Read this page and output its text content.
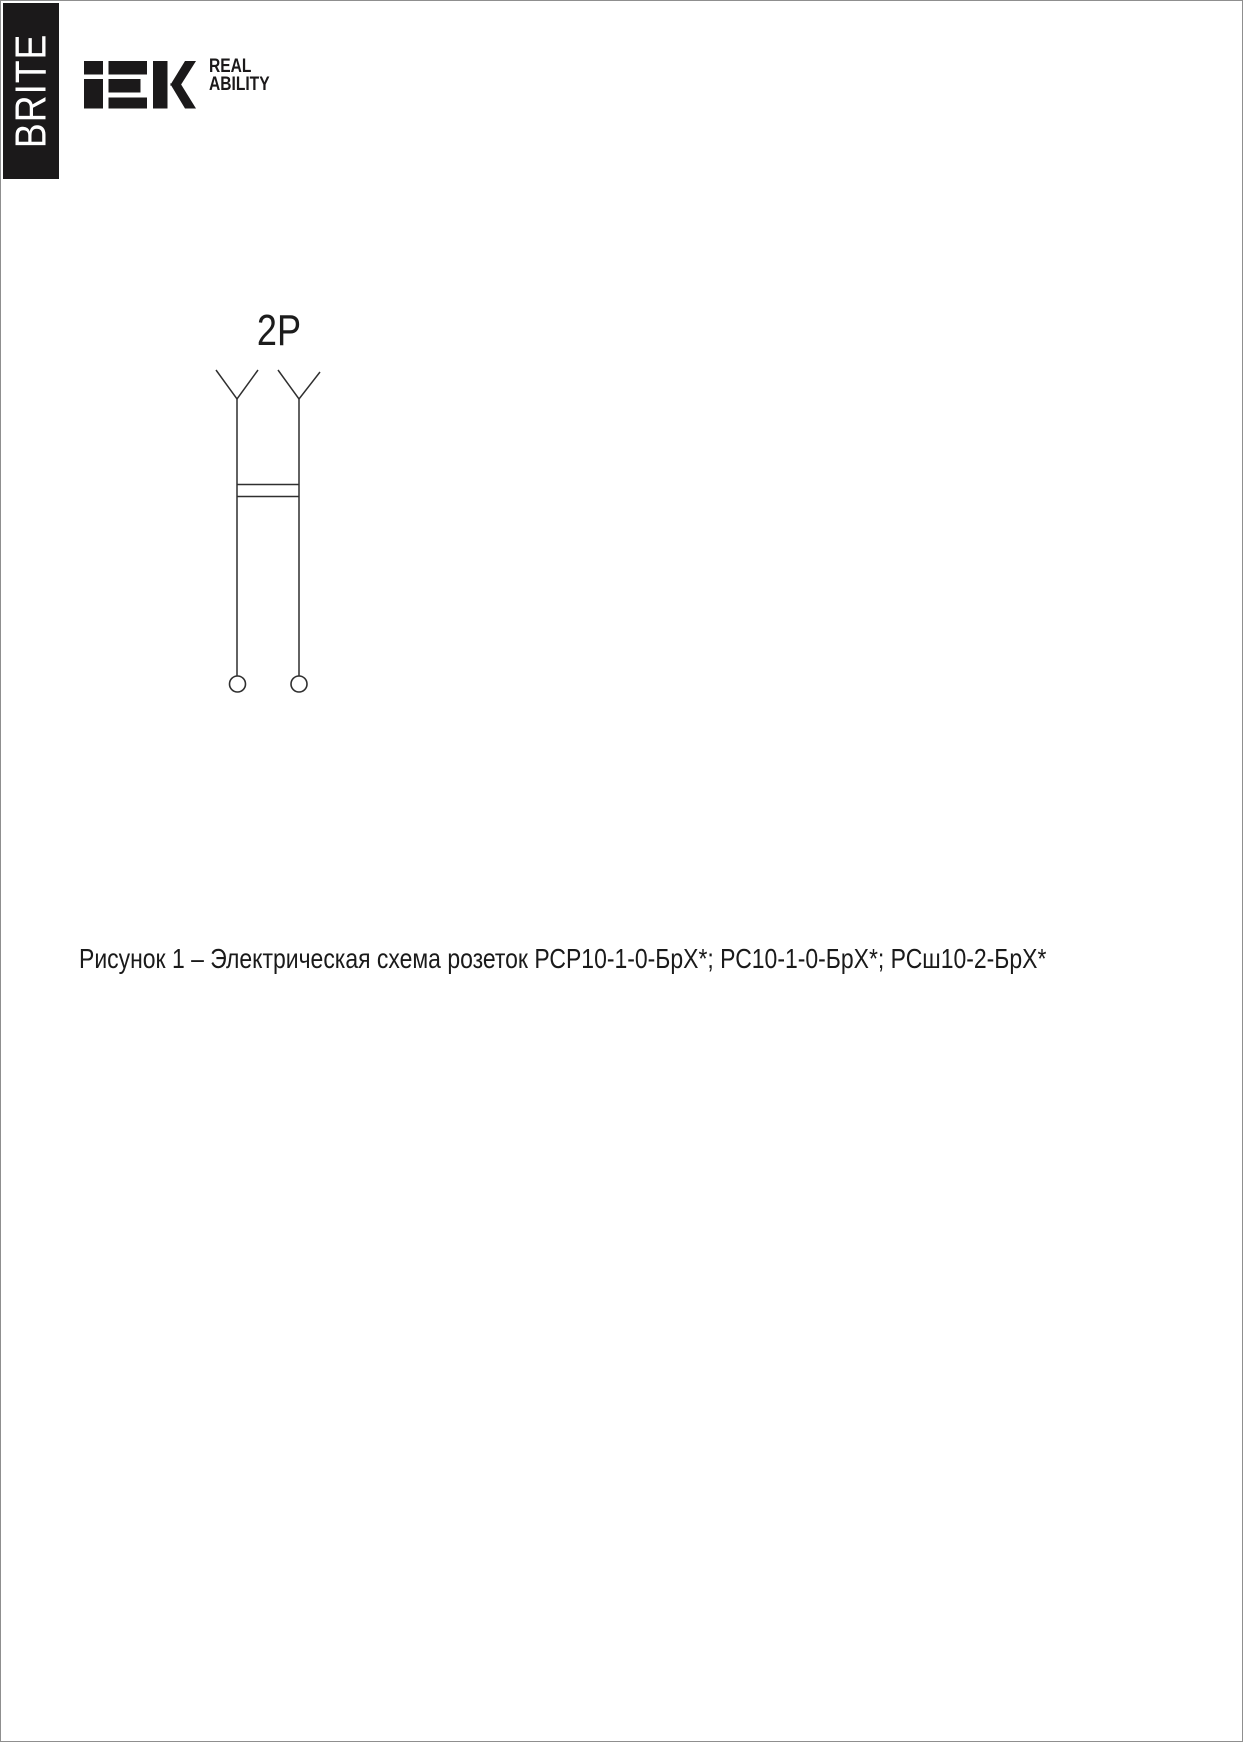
BRITE	REAL
ABILITY
2P
Рисунок 1 – Электрическая схема розеток РСР10-1-0-БрХ*; РС10-1-0-БрХ*; РСш10-2-БрХ*
